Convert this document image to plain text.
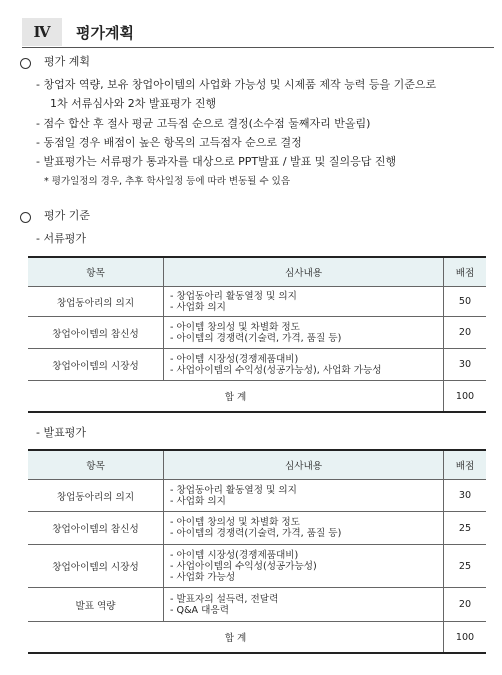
Ⅳ	평가계획
평가 계획
- 창업자 역량, 보유 창업아이템의 사업화 가능성 및 시제품 제작 능력 등을 기준으로
1차 서류심사와 2차 발표평가 진행
- 점수 합산 후 절사 평균 고득점 순으로 결정(소수점 둘째자리 반올림)
- 동점일 경우 배점이 높은 항목의 고득점자 순으로 결정
- 발표평가는 서류평가 통과자를 대상으로 PPT발표 / 발표 및 질의응답 진행
* 평가일정의 경우, 추후 학사일정 등에 따라 변동될 수 있음
평가 기준
- 서류평가
항목	심사내용	배점
창업동아리의 의지	- 창업동아리 활동열정 및 의지
- 사업화 의지	50
창업아이템의 참신성	- 아이템 창의성 및 차별화 정도
- 아이템의 경쟁력(기술력, 가격, 품질 등)	20
창업아이템의 시장성	- 아이템 시장성(경쟁제품대비)
- 사업아이템의 수익성(성공가능성), 사업화 가능성	30
합 계		100
- 발표평가
항목	심사내용	배점
창업동아리의 의지	- 창업동아리 활동열정 및 의지
- 사업화 의지	30
창업아이템의 참신성	- 아이템 창의성 및 차별화 정도
- 아이템의 경쟁력(기술력, 가격, 품질 등)	25
창업아이템의 시장성	- 아이템 시장성(경쟁제품대비)
- 사업아이템의 수익성(성공가능성)
- 사업화 가능성	25
발표 역량	- 발표자의 설득력, 전달력
- Q&A 대응력	20
합 계		100
